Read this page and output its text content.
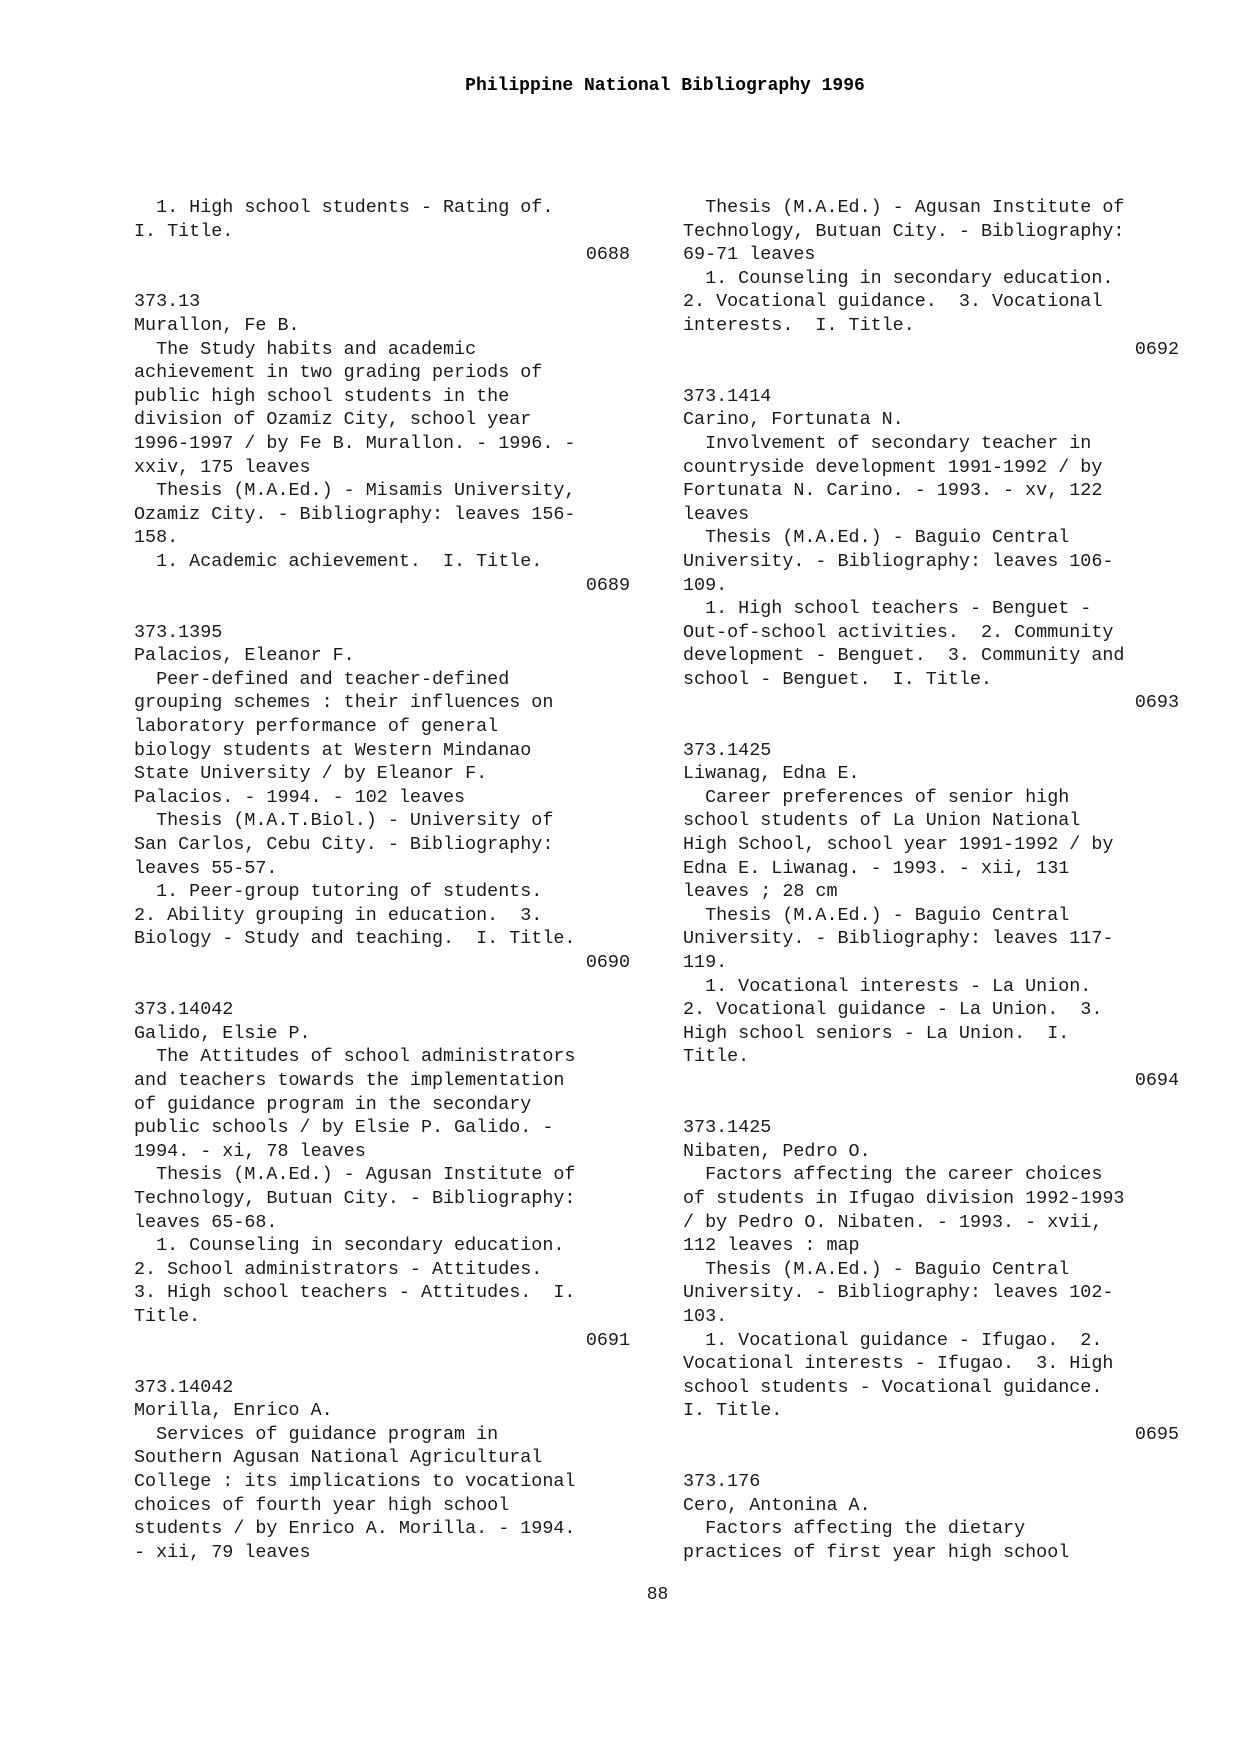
Philippine National Bibliography 1996
1. High school students - Rating of.
I. Title.
0688
373.13
Murallon, Fe B.
The Study habits and academic
achievement in two grading periods of
public high school students in the
division of Ozamiz City, school year
1996-1997 / by Fe B. Murallon. - 1996. -
xxiv, 175 leaves
Thesis (M.A.Ed.) - Misamis University,
Ozamiz City. - Bibliography: leaves 156-
158.
1. Academic achievement.  I. Title.
0689
373.1395
Palacios, Eleanor F.
Peer-defined and teacher-defined
grouping schemes : their influences on
laboratory performance of general
biology students at Western Mindanao
State University / by Eleanor F.
Palacios. - 1994. - 102 leaves
Thesis (M.A.T.Biol.) - University of
San Carlos, Cebu City. - Bibliography:
leaves 55-57.
1. Peer-group tutoring of students.
2. Ability grouping in education.  3.
Biology - Study and teaching.  I. Title.
0690
373.14042
Galido, Elsie P.
The Attitudes of school administrators
and teachers towards the implementation
of guidance program in the secondary
public schools / by Elsie P. Galido. -
1994. - xi, 78 leaves
Thesis (M.A.Ed.) - Agusan Institute of
Technology, Butuan City. - Bibliography:
leaves 65-68.
1. Counseling in secondary education.
2. School administrators - Attitudes.
3. High school teachers - Attitudes.  I.
Title.
0691
373.14042
Morilla, Enrico A.
Services of guidance program in
Southern Agusan National Agricultural
College : its implications to vocational
choices of fourth year high school
students / by Enrico A. Morilla. - 1994.
- xii, 79 leaves
Thesis (M.A.Ed.) - Agusan Institute of
Technology, Butuan City. - Bibliography:
69-71 leaves
1. Counseling in secondary education.
2. Vocational guidance.  3. Vocational
interests.  I. Title.
0692
373.1414
Carino, Fortunata N.
Involvement of secondary teacher in
countryside development 1991-1992 / by
Fortunata N. Carino. - 1993. - xv, 122
leaves
Thesis (M.A.Ed.) - Baguio Central
University. - Bibliography: leaves 106-
109.
1. High school teachers - Benguet -
Out-of-school activities.  2. Community
development - Benguet.  3. Community and
school - Benguet.  I. Title.
0693
373.1425
Liwanag, Edna E.
Career preferences of senior high
school students of La Union National
High School, school year 1991-1992 / by
Edna E. Liwanag. - 1993. - xii, 131
leaves ; 28 cm
Thesis (M.A.Ed.) - Baguio Central
University. - Bibliography: leaves 117-
119.
1. Vocational interests - La Union.
2. Vocational guidance - La Union.  3.
High school seniors - La Union.  I.
Title.
0694
373.1425
Nibaten, Pedro O.
Factors affecting the career choices
of students in Ifugao division 1992-1993
/ by Pedro O. Nibaten. - 1993. - xvii,
112 leaves : map
Thesis (M.A.Ed.) - Baguio Central
University. - Bibliography: leaves 102-
103.
1. Vocational guidance - Ifugao.  2.
Vocational interests - Ifugao.  3. High
school students - Vocational guidance.
I. Title.
0695
373.176
Cero, Antonina A.
Factors affecting the dietary
practices of first year high school
88
